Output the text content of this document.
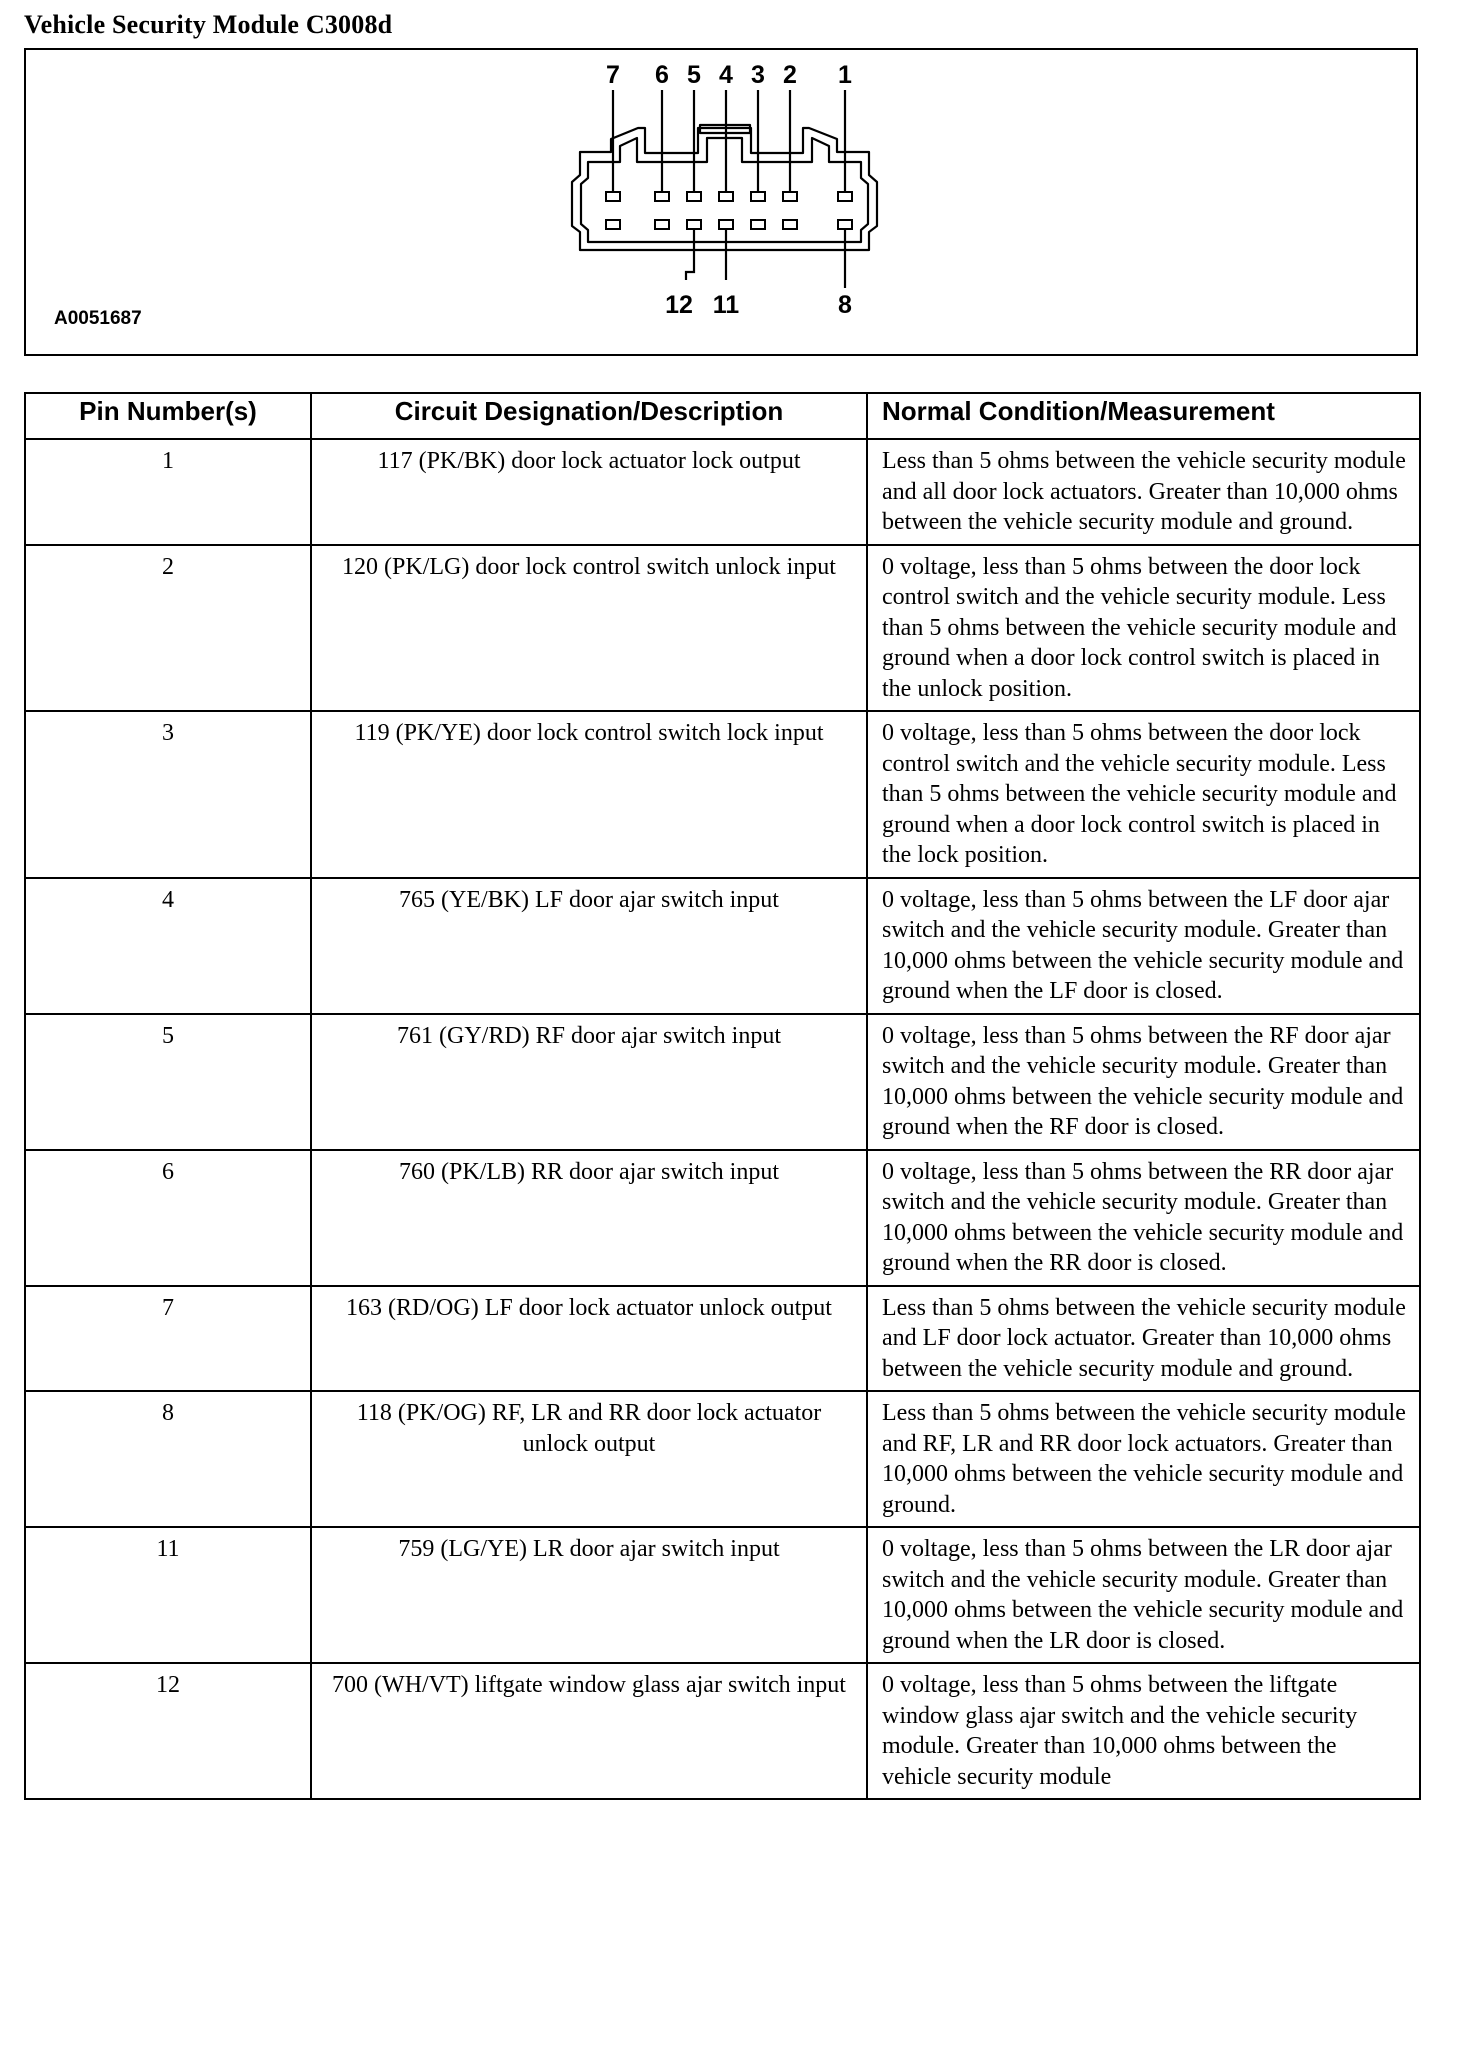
Vehicle Security Module C3008d
7 6 5 4 3 2 1
12 11	8
A0051687
Pin Number(s)	Circuit Designation/Description	Normal Condition/Measurement
1	117 (PK/BK) door lock actuator lock output	Less than 5 ohms between the vehicle security module and all door lock actuators. Greater than 10,000 ohms between the vehicle security module and ground.
2	120 (PK/LG) door lock control switch unlock input	0 voltage, less than 5 ohms between the door lock control switch and the vehicle security module. Less than 5 ohms between the vehicle security module and ground when a door lock control switch is placed in the unlock position.
3	119 (PK/YE) door lock control switch lock input	0 voltage, less than 5 ohms between the door lock control switch and the vehicle security module. Less than 5 ohms between the vehicle security module and ground when a door lock control switch is placed in the lock position.
4	765 (YE/BK) LF door ajar switch input	0 voltage, less than 5 ohms between the LF door ajar switch and the vehicle security module. Greater than 10,000 ohms between the vehicle security module and ground when the LF door is closed.
5	761 (GY/RD) RF door ajar switch input	0 voltage, less than 5 ohms between the RF door ajar switch and the vehicle security module. Greater than 10,000 ohms between the vehicle security module and ground when the RF door is closed.
6	760 (PK/LB) RR door ajar switch input	0 voltage, less than 5 ohms between the RR door ajar switch and the vehicle security module. Greater than 10,000 ohms between the vehicle security module and ground when the RR door is closed.
7	163 (RD/OG) LF door lock actuator unlock output	Less than 5 ohms between the vehicle security module and LF door lock actuator. Greater than 10,000 ohms between the vehicle security module and ground.
8	118 (PK/OG) RF, LR and RR door lock actuator unlock output	Less than 5 ohms between the vehicle security module and RF, LR and RR door lock actuators. Greater than 10,000 ohms between the vehicle security module and ground.
11	759 (LG/YE) LR door ajar switch input	0 voltage, less than 5 ohms between the LR door ajar switch and the vehicle security module. Greater than 10,000 ohms between the vehicle security module and ground when the LR door is closed.
12	700 (WH/VT) liftgate window glass ajar switch input	0 voltage, less than 5 ohms between the liftgate window glass ajar switch and the vehicle security module. Greater than 10,000 ohms between the vehicle security module
